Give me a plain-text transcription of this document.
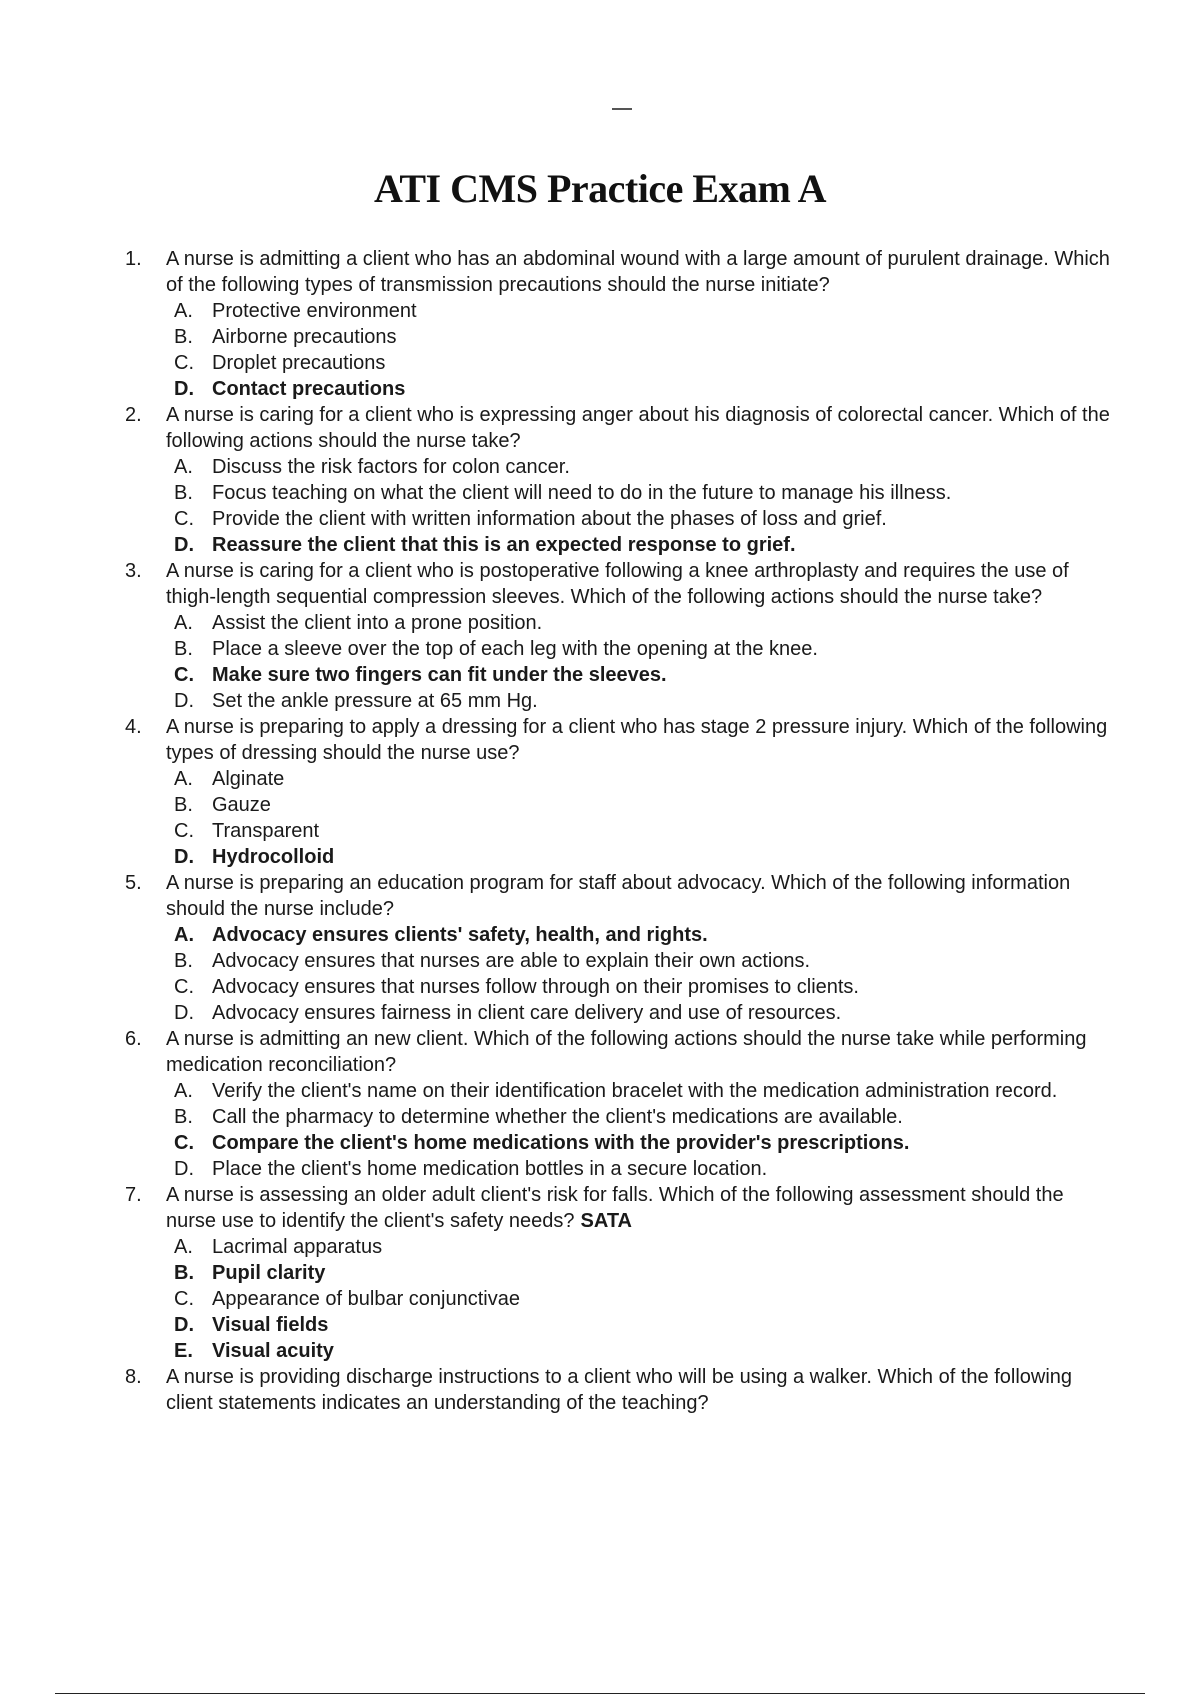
ATI CMS Practice Exam A
1. A nurse is admitting a client who has an abdominal wound with a large amount of purulent drainage. Which of the following types of transmission precautions should the nurse initiate?

A. Protective environment
B. Airborne precautions
C. Droplet precautions
D. Contact precautions
2. A nurse is caring for a client who is expressing anger about his diagnosis of colorectal cancer. Which of the following actions should the nurse take?

A. Discuss the risk factors for colon cancer.
B. Focus teaching on what the client will need to do in the future to manage his illness.
C. Provide the client with written information about the phases of loss and grief.
D. Reassure the client that this is an expected response to grief.
3. A nurse is caring for a client who is postoperative following a knee arthroplasty and requires the use of thigh-length sequential compression sleeves. Which of the following actions should the nurse take?

A. Assist the client into a prone position.
B. Place a sleeve over the top of each leg with the opening at the knee.
C. Make sure two fingers can fit under the sleeves.
D. Set the ankle pressure at 65 mm Hg.
4. A nurse is preparing to apply a dressing for a client who has stage 2 pressure injury. Which of the following types of dressing should the nurse use?

A. Alginate
B. Gauze
C. Transparent
D. Hydrocolloid
5. A nurse is preparing an education program for staff about advocacy. Which of the following information should the nurse include?

A. Advocacy ensures clients' safety, health, and rights.
B. Advocacy ensures that nurses are able to explain their own actions.
C. Advocacy ensures that nurses follow through on their promises to clients.
D. Advocacy ensures fairness in client care delivery and use of resources.
6. A nurse is admitting an new client. Which of the following actions should the nurse take while performing medication reconciliation?

A. Verify the client's name on their identification bracelet with the medication administration record.
B. Call the pharmacy to determine whether the client's medications are available.
C. Compare the client's home medications with the provider's prescriptions.
D. Place the client's home medication bottles in a secure location.
7. A nurse is assessing an older adult client's risk for falls. Which of the following assessment should the nurse use to identify the client's safety needs? SATA

A. Lacrimal apparatus
B. Pupil clarity
C. Appearance of bulbar conjunctivae
D. Visual fields
E. Visual acuity
8. A nurse is providing discharge instructions to a client who will be using a walker. Which of the following client statements indicates an understanding of the teaching?
